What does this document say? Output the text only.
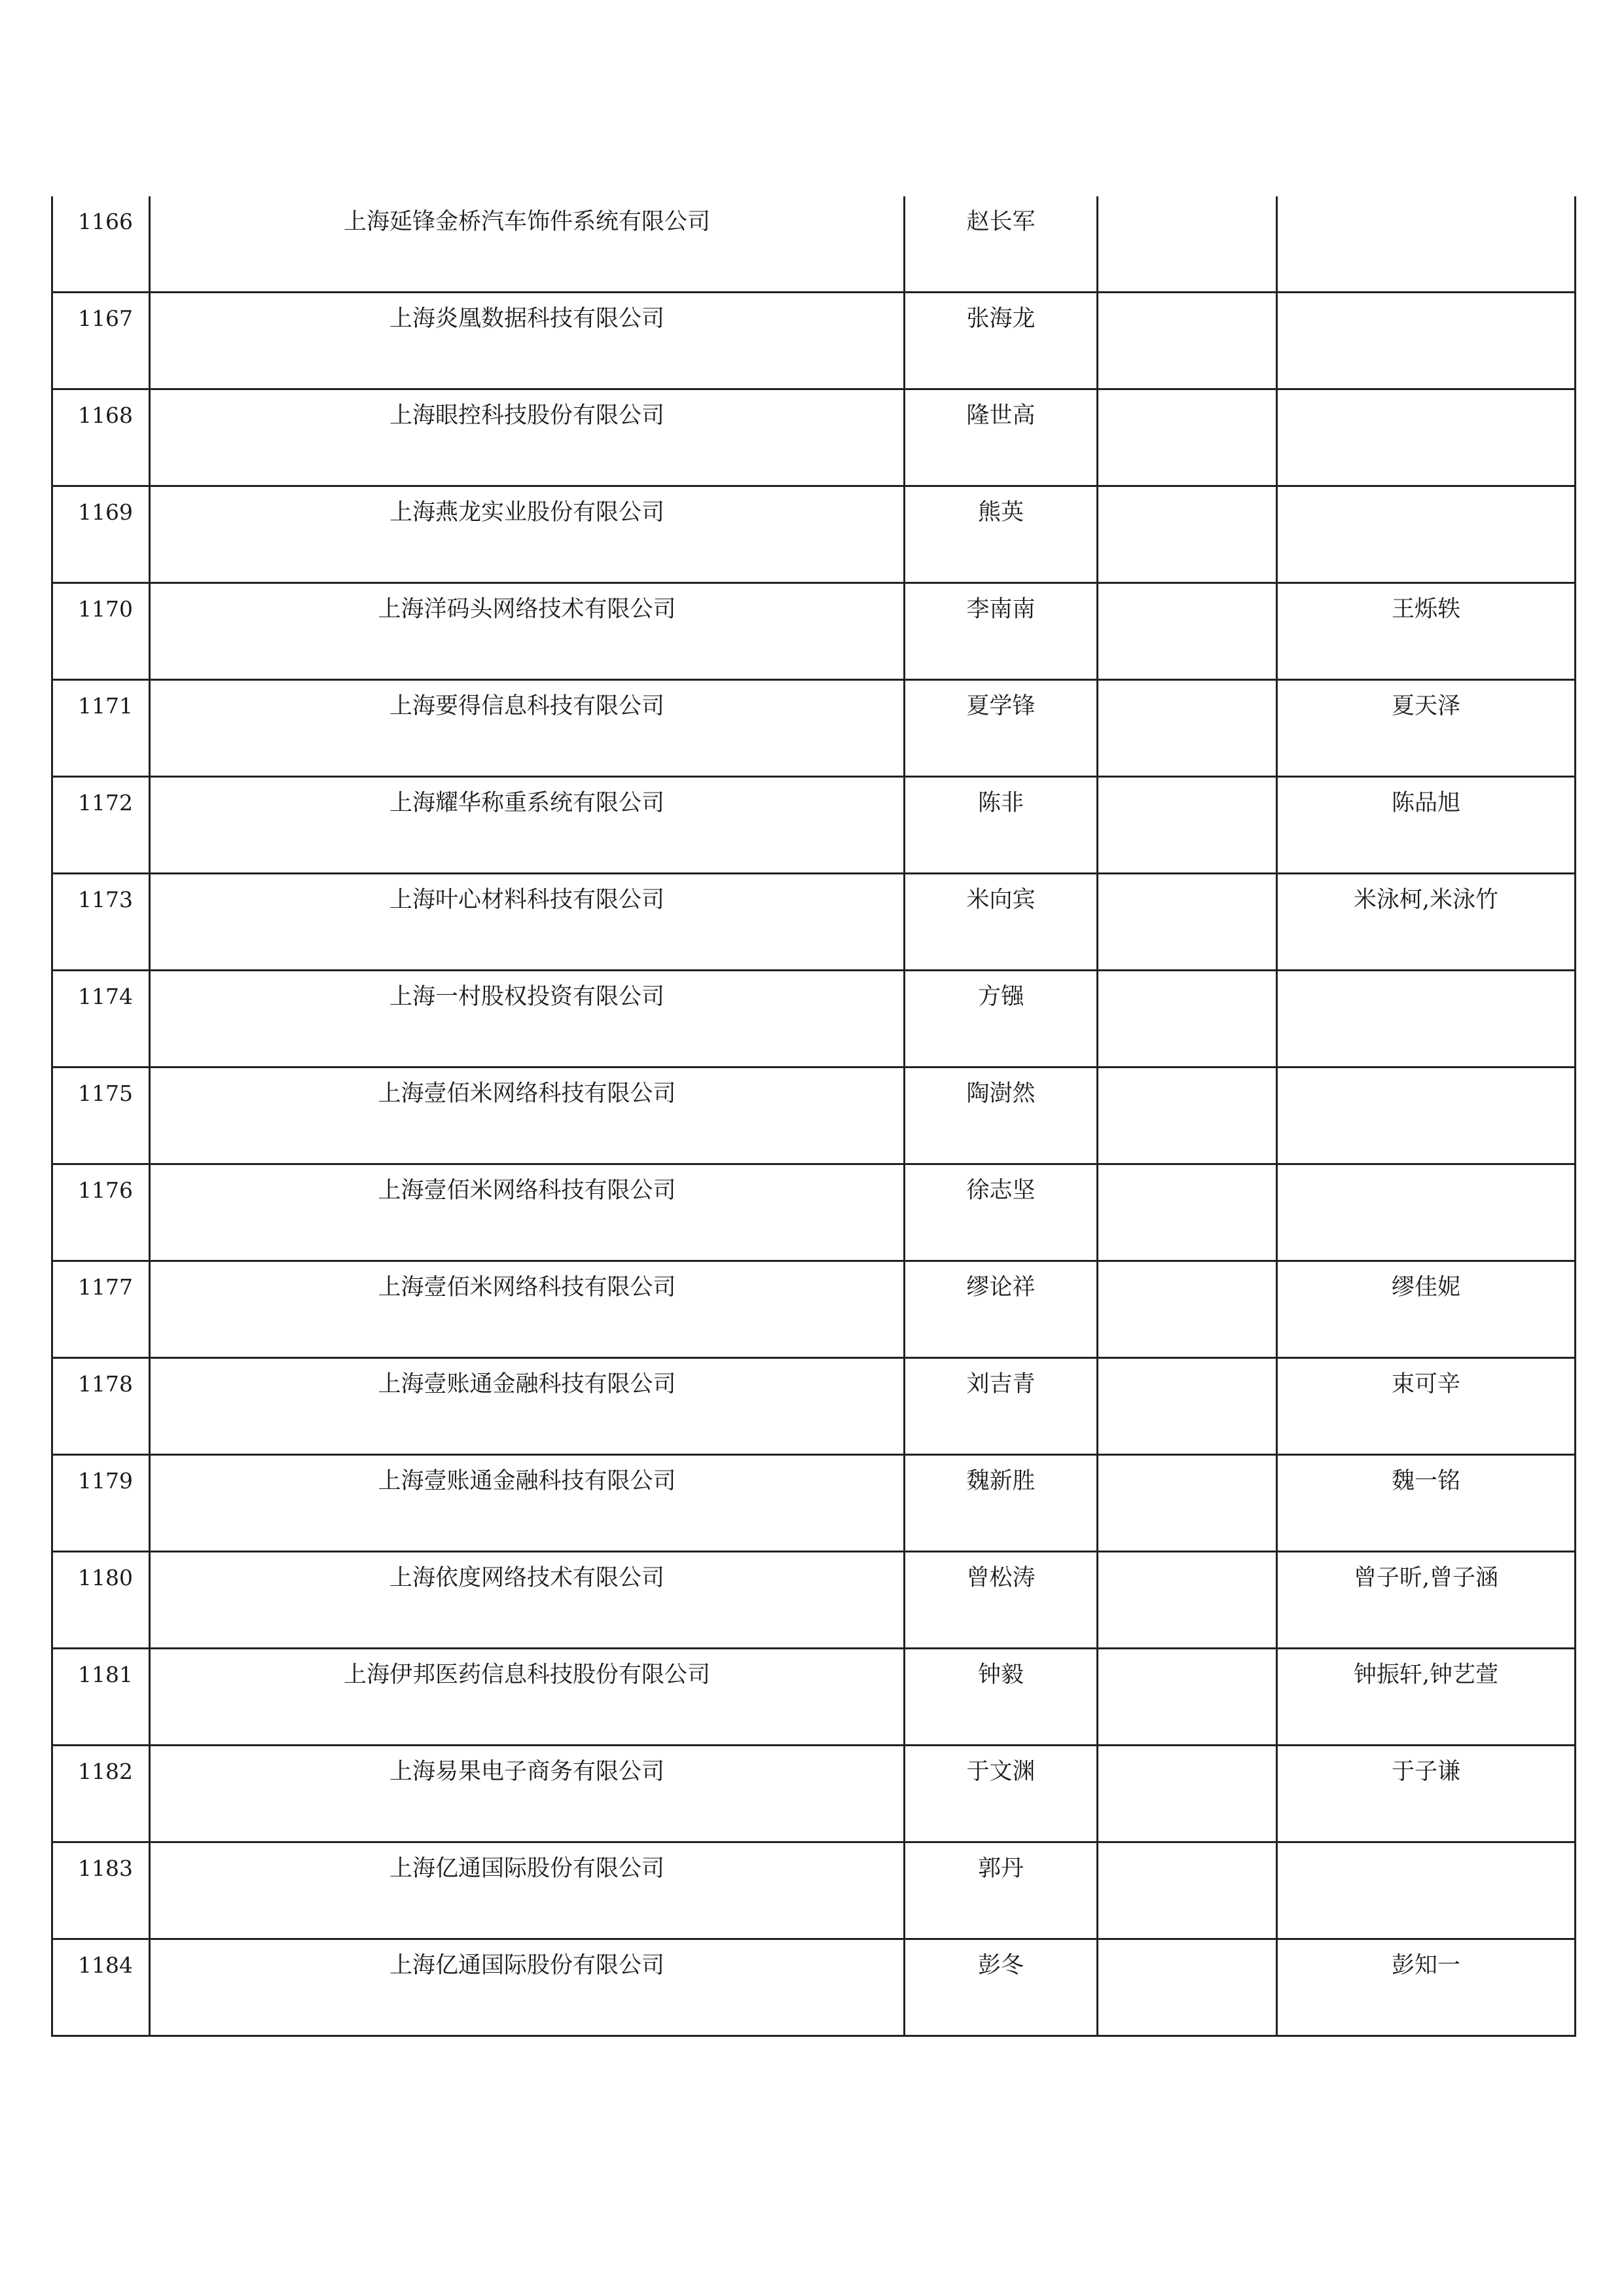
1166	上海延锋金桥汽车饰件系统有限公司	赵长军		

1167	上海炎凰数据科技有限公司	张海龙		

1168	上海眼控科技股份有限公司	隆世高		

1169	上海燕龙实业股份有限公司	熊英		

1170	上海洋码头网络技术有限公司	李南南		王烁轶

1171	上海要得信息科技有限公司	夏学锋		夏天泽

1172	上海耀华称重系统有限公司	陈非		陈品旭

1173	上海叶心材料科技有限公司	米向宾		米泳柯,米泳竹

1174	上海一村股权投资有限公司	方镪		

1175	上海壹佰米网络科技有限公司	陶澍然		

1176	上海壹佰米网络科技有限公司	徐志坚		

1177	上海壹佰米网络科技有限公司	缪论祥		缪佳妮

1178	上海壹账通金融科技有限公司	刘吉青		束可辛

1179	上海壹账通金融科技有限公司	魏新胜		魏一铭

1180	上海依度网络技术有限公司	曾松涛		曾子昕,曾子涵

1181	上海伊邦医药信息科技股份有限公司	钟毅		钟振轩,钟艺萱

1182	上海易果电子商务有限公司	于文渊		于子谦

1183	上海亿通国际股份有限公司	郭丹		

1184	上海亿通国际股份有限公司	彭冬		彭知一
